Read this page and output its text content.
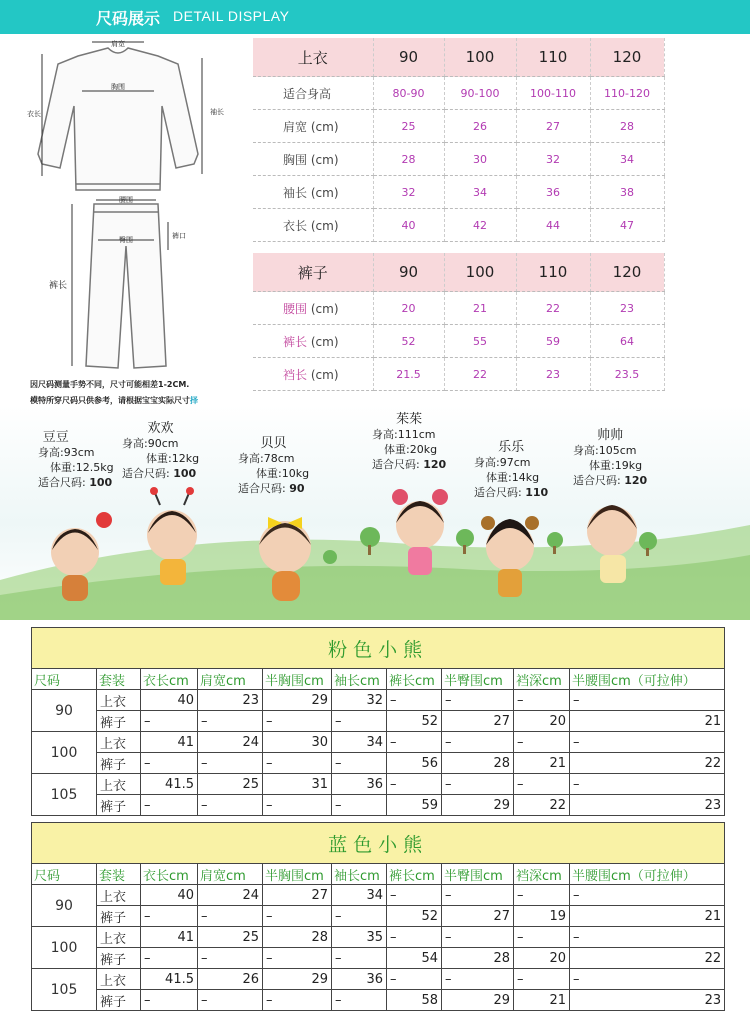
尺码展示 DETAIL DISPLAY
肩宽
胸围
衣长	袖长
腰围
臀围
裤长
裤口
因尺码测量手势不同，尺寸可能相差1-2CM.
模特所穿尺码只供参考，请根据宝宝实际尺寸择
上衣	90	100	110	120
适合身高	80-90	90-100	100-110	110-120
肩宽 (cm)	25	26	27	28
胸围 (cm)	28	30	32	34
袖长 (cm)	32	34	36	38
衣长 (cm)	40	42	44	47
裤子	90	100	110	120
腰围 (cm)	20	21	22	23
裤长 (cm)	52	55	59	64
裆长 (cm)	21.5	22	23	23.5
豆豆
身高:93cm
体重:12.5kg
适合尺码: 100
欢欢
身高:90cm
体重:12kg
适合尺码: 100
贝贝
身高:78cm
体重:10kg
适合尺码: 90
茱茱
身高:111cm
体重:20kg
适合尺码: 120
乐乐
身高:97cm
体重:14kg
适合尺码: 110
帅帅
身高:105cm
体重:19kg
适合尺码: 120
粉色小熊									
尺码	套装	衣长cm	肩宽cm	半胸围cm	袖长cm	裤长cm	半臀围cm	裆深cm	半腰围cm（可拉伸）
90	上衣	40	23	29	32	–	–	–	–
	裤子	–	–	–	–	52	27	20	21
100	上衣	41	24	30	34	–	–	–	–
	裤子	–	–	–	–	56	28	21	22
105	上衣	41.5	25	31	36	–	–	–	–
	裤子	–	–	–	–	59	29	22	23
蓝色小熊									
尺码	套装	衣长cm	肩宽cm	半胸围cm	袖长cm	裤长cm	半臀围cm	裆深cm	半腰围cm（可拉伸）
90	上衣	40	24	27	34	–	–	–	–
	裤子	–	–	–	–	52	27	19	21
100	上衣	41	25	28	35	–	–	–	–
	裤子	–	–	–	–	54	28	20	22
105	上衣	41.5	26	29	36	–	–	–	–
	裤子	–	–	–	–	58	29	21	23
